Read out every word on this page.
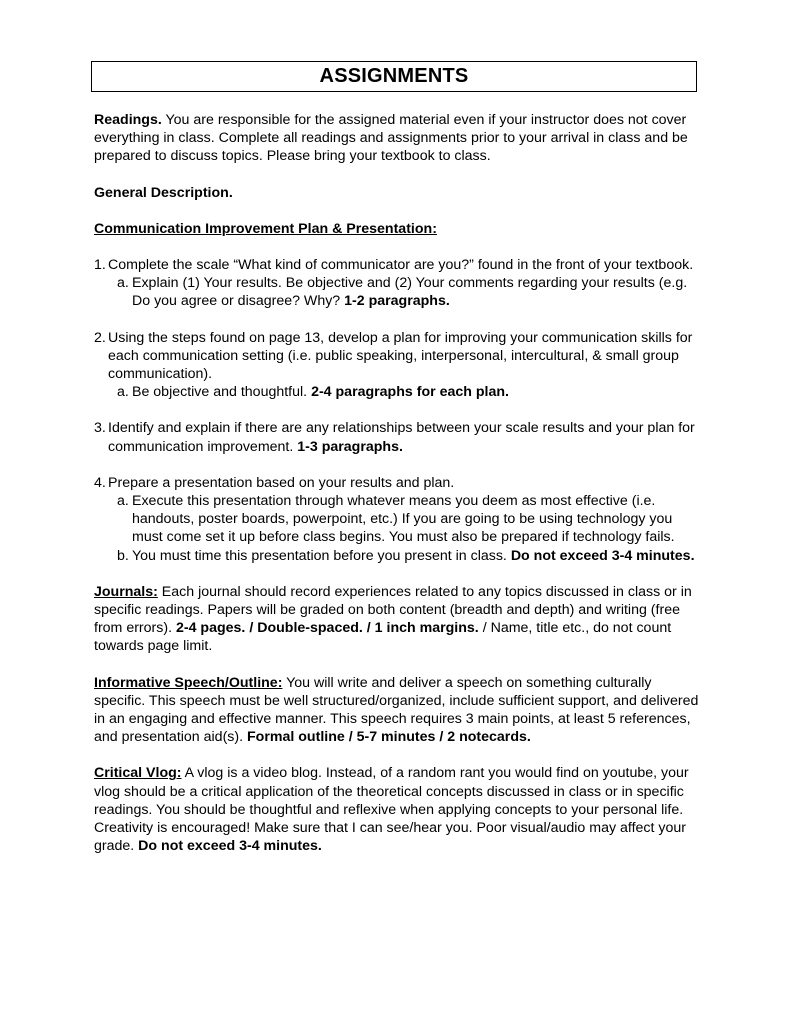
ASSIGNMENTS

Readings. You are responsible for the assigned material even if your instructor does not cover everything in class. Complete all readings and assignments prior to your arrival in class and be prepared to discuss topics. Please bring your textbook to class.

General Description.

Communication Improvement Plan & Presentation:

1. Complete the scale “What kind of communicator are you?” found in the front of your textbook.

a. Explain (1) Your results. Be objective and (2) Your comments regarding your results (e.g. Do you agree or disagree? Why? 1-2 paragraphs.
2. Using the steps found on page 13, develop a plan for improving your communication skills for each communication setting (i.e. public speaking, interpersonal, intercultural, & small group communication).

a. Be objective and thoughtful. 2-4 paragraphs for each plan.
3. Identify and explain if there are any relationships between your scale results and your plan for communication improvement. 1-3 paragraphs.

4. Prepare a presentation based on your results and plan.

a. Execute this presentation through whatever means you deem as most effective (i.e. handouts, poster boards, powerpoint, etc.) If you are going to be using technology you must come set it up before class begins. You must also be prepared if technology fails.
b. You must time this presentation before you present in class. Do not exceed 3-4 minutes.

Journals: Each journal should record experiences related to any topics discussed in class or in specific readings. Papers will be graded on both content (breadth and depth) and writing (free from errors). 2-4 pages. / Double-spaced. / 1 inch margins. / Name, title etc., do not count towards page limit.

Informative Speech/Outline: You will write and deliver a speech on something culturally specific. This speech must be well structured/organized, include sufficient support, and delivered in an engaging and effective manner. This speech requires 3 main points, at least 5 references, and presentation aid(s). Formal outline / 5-7 minutes / 2 notecards.

Critical Vlog: A vlog is a video blog. Instead, of a random rant you would find on youtube, your vlog should be a critical application of the theoretical concepts discussed in class or in specific readings. You should be thoughtful and reflexive when applying concepts to your personal life. Creativity is encouraged! Make sure that I can see/hear you. Poor visual/audio may affect your grade. Do not exceed 3-4 minutes.
